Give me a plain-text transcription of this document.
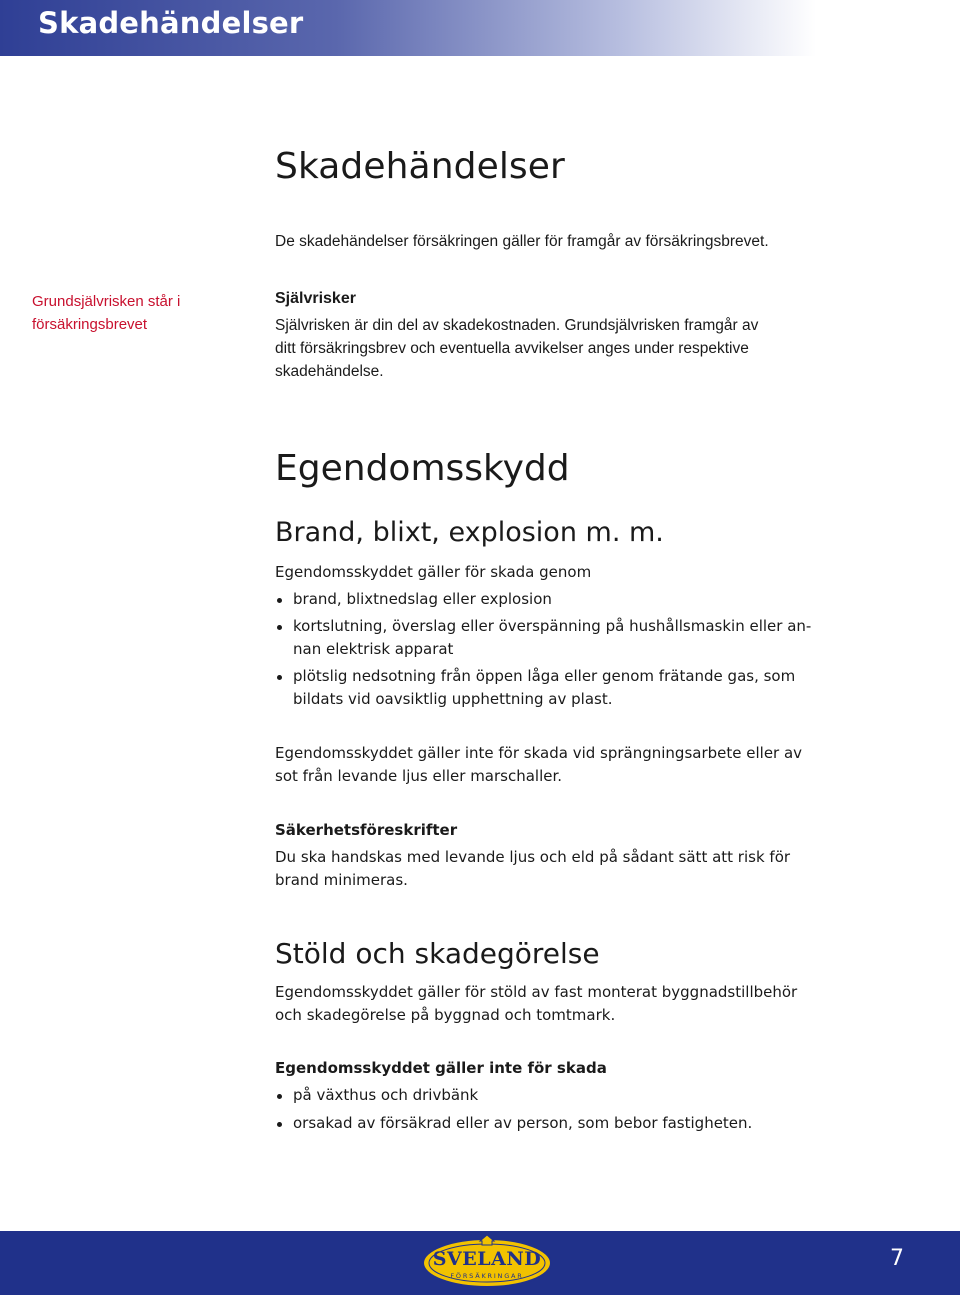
Skadehändelser
Skadehändelser
De skadehändelser försäkringen gäller för framgår av försäkringsbrevet.
Grundsjälvrisken står i
försäkringsbrevet
Självrisker
Självrisken är din del av skadekostnaden. Grundsjälvrisken framgår av
ditt försäkringsbrev och eventuella avvikelser anges under respektive
skadehändelse.
Egendomsskydd
Brand, blixt, explosion m. m.

Egendomsskyddet gäller för skada genom

brand, blixtnedslag eller explosion
kortslutning, överslag eller överspänning på hushållsmaskin eller an-
nan elektrisk apparat
plötslig nedsotning från öppen låga eller genom frätande gas, som
bildats vid oavsiktlig upphettning av plast.

Egendomsskyddet gäller inte för skada vid sprängningsarbete eller av

sot från levande ljus eller marschaller.

Säkerhetsföreskrifter

Du ska handskas med levande ljus och eld på sådant sätt att risk för

brand minimeras.

Stöld och skadegörelse

Egendomsskyddet gäller för stöld av fast monterat byggnadstillbehör

och skadegörelse på byggnad och tomtmark.

Egendomsskyddet gäller inte för skada

på växthus och drivbänk
orsakad av försäkrad eller av person, som bebor fastigheten.
SVELAND
FÖRSÄKRINGAR
7
